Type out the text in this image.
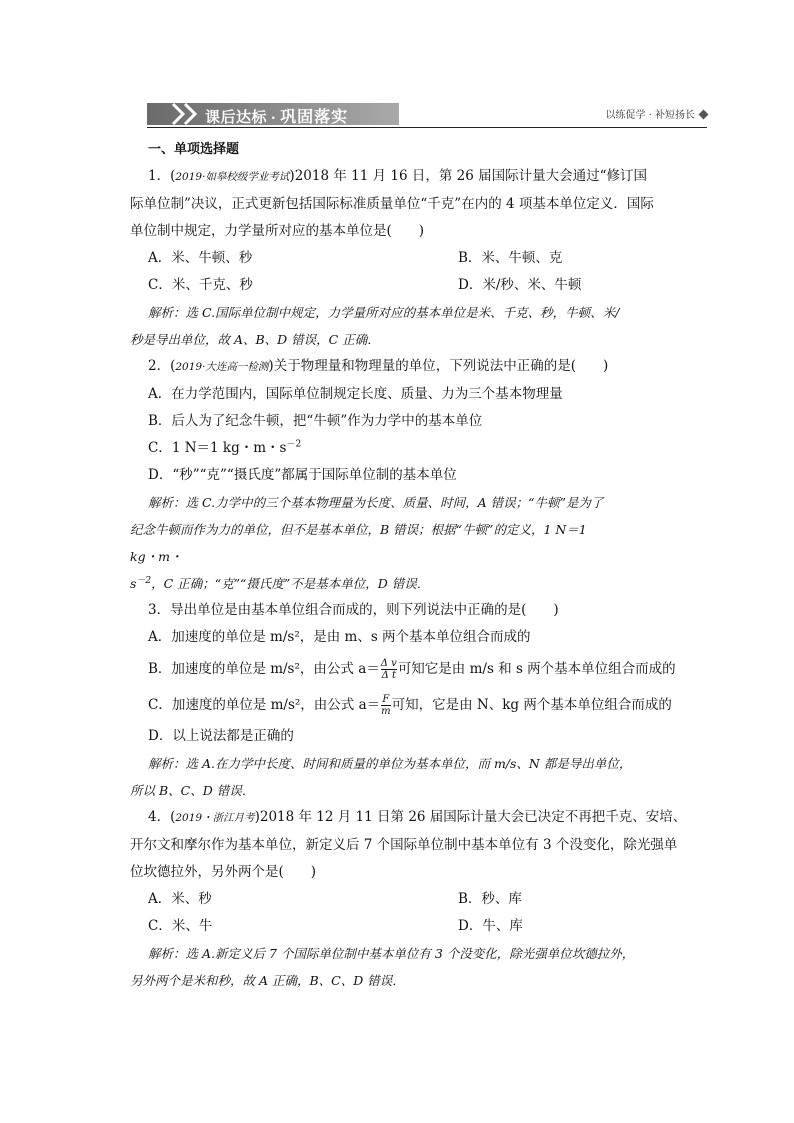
课后达标 · 巩固落实	以练促学 · 补短扬长
一、单项选择题
1．(2019·如皋校级学业考试)2018 年 11 月 16 日，第 26 届国际计量大会通过“修订国
际单位制”决议，正式更新包括国际标准质量单位“千克”在内的 4 项基本单位定义．国际
单位制中规定，力学量所对应的基本单位是(　　)
A．米、牛顿、秒	B．米、牛顿、克
C．米、千克、秒	D．米/秒、米、牛顿
解析：选 C.国际单位制中规定，力学量所对应的基本单位是米、千克、秒，牛顿、米/
秒是导出单位，故 A、B、D 错误，C 正确．
2．(2019·大连高一检测)关于物理量和物理量的单位，下列说法中正确的是(　　)
A．在力学范围内，国际单位制规定长度、质量、力为三个基本物理量
B．后人为了纪念牛顿，把“牛顿”作为力学中的基本单位
C．1 N＝1 kg・m・$s^{-2}$
D．“秒”“克”“摄氏度”都属于国际单位制的基本单位
解析：选 C.力学中的三个基本物理量为长度、质量、时间，A 错误；“牛顿”是为了
纪念牛顿而作为力的单位，但不是基本单位，B 错误；根据“牛顿”的定义，1 N＝1
kg・m・
$s^{-2}$，C 正确；“克”“摄氏度”不是基本单位，D 错误．
3．导出单位是由基本单位组合而成的，则下列说法中正确的是(　　)
A．加速度的单位是 m/s²，是由 m、s 两个基本单位组合而成的
B．加速度的单位是 m/s²，由公式 $a= \frac{\text{Δ v}}{\text{Δ t}}$ 可知它是由 m/s 和 s 两个基本单位组合而成的
C．加速度的单位是 m/s²，由公式 $a= \frac{F}{m}$ 可知，它是由 N、kg 两个基本单位组合而成的
D．以上说法都是正确的
解析：选 A.在力学中长度、时间和质量的单位为基本单位，而 m/s、N 都是导出单位，
所以 B、C、D 错误．
4．(2019・浙江月考)2018 年 12 月 11 日第 26 届国际计量大会已决定不再把千克、安培、
开尔文和摩尔作为基本单位，新定义后 7 个国际单位制中基本单位有 3 个没变化，除光强单
位坎德拉外，另外两个是(　　)
A．米、秒	B．秒、库
C．米、牛	D．牛、库
解析：选 A.新定义后 7 个国际单位制中基本单位有 3 个没变化，除光强单位坎德拉外，
另外两个是米和秒，故 A 正确，B、C、D 错误．
